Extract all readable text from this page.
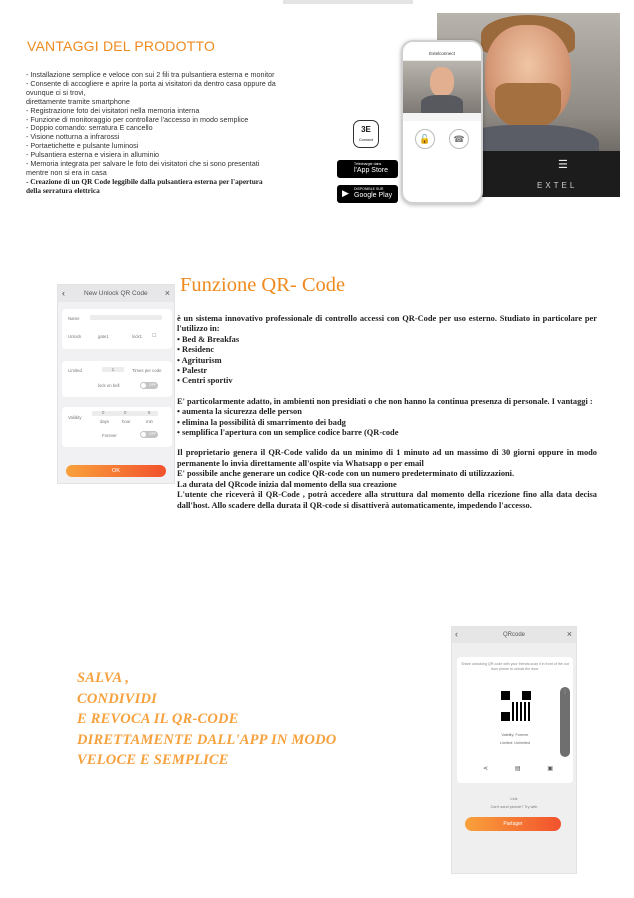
VANTAGGI DEL PRODOTTO
- Installazione semplice e veloce con sui 2 fili tra pulsantiera esterna e monitor
- Consente di accogliere e aprire la porta ai visitatori da dentro casa oppure da ovunque ci si trovi,
direttamente tramite smartphone
- Registrazione foto dei visitatori nella memoria interna
- Funzione di monitoraggio per controllare l'accesso in modo semplice
- Doppio comando: serratura E cancello
- Visione notturna a infrarossi
- Portaetichette e pulsante luminosi
- Pulsantiera esterna e visiera in alluminio
- Memoria integrata per salvare le foto dei visitatori che si sono presentati mentre non si era in casa
- Creazione di un QR Code leggibile dalla pulsantiera esterna per l'apertura della serratura elettrica
☰
EXTEL
Extelconnect
🔓	☎
3E
Connect
Télécharger dans
l'App Store
▶ DISPONIBLE SUR
Google Play
‹	New Unlock QR Code ×
Name
Unlock	gate1	lock1 ☐
Limited	1	Times per code
lock on bell	OFF
Validity
0	0	5
days	hour	min
Forever	OFF
OK
Funzione QR- Code

è un sistema innovativo professionale di controllo accessi con QR-Code per uso esterno. Studiato in particolare per l'utilizzo in:

• Bed & Breakfas

• Residenc

• Agriturism

• Palestr

• Centri sportiv

E' particolarmente adatto, in ambienti non presidiati o che non hanno la continua presenza di personale. I vantaggi :

• aumenta la sicurezza delle person

• elimina la possibilità di smarrimento dei badg

• semplifica l'apertura con un semplice codice barre (QR-code

Il proprietario genera il QR-Code valido da un minimo di 1 minuto ad un massimo di 30 giorni oppure in modo permanente lo invia direttamente all'ospite via Whatsapp o per email

E' possibile anche generare un codice QR-code con un numero predeterminato di utilizzazioni.

La durata del QRcode inizia dal momento della sua creazione

L'utente che riceverà il QR-Code , potrà accedere alla struttura dal momento della ricezione fino alla data decisa dall'host. Allo scadere della durata il QR-code si disattiverà automaticamente, impedendo l'accesso.

SALVA ,
CONDIVIDI
E REVOCA IL QR-CODE
DIRETTAMENTE DALL'APP IN MODO
VELOCE E SEMPLICE
‹	QRcode	×
Share unlocking QR code with your friends,scan it in front of the out door phone to unlock the door.
Validity: Forever
Limited: Unlimited
⋮
⋖	▤	▣
Link
Can't send picture? Try with
Partager
